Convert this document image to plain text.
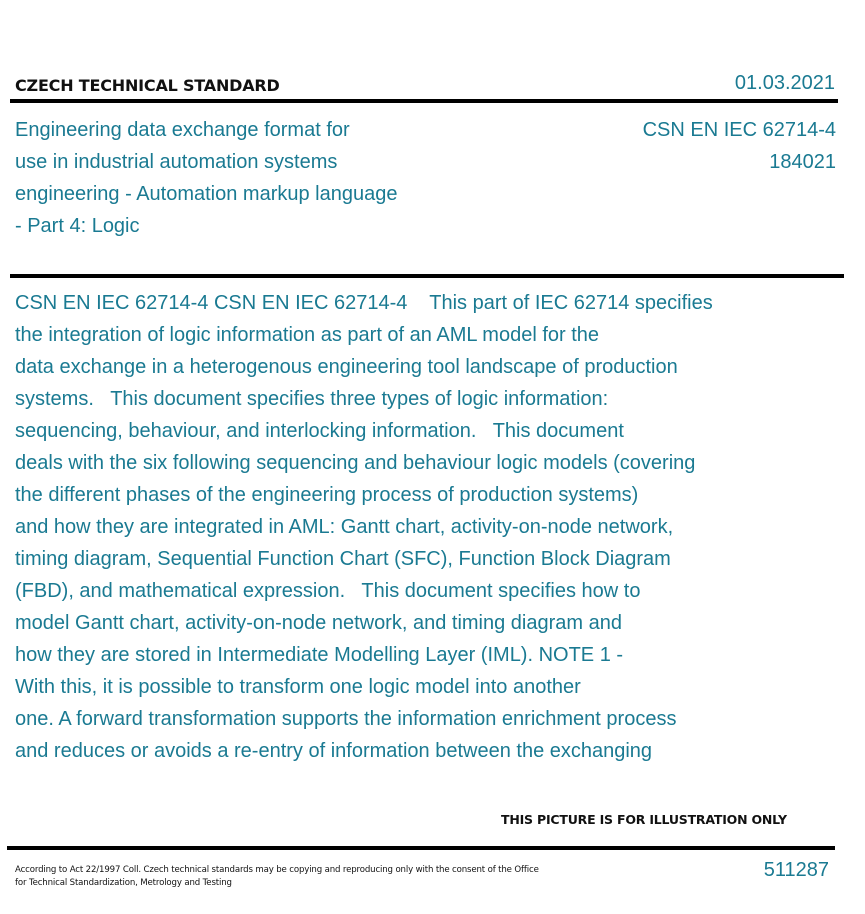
CZECH TECHNICAL STANDARD	01.03.2021
Engineering data exchange format for
use in industrial automation systems
engineering - Automation markup language
- Part 4: Logic
CSN EN IEC 62714-4
184021
CSN EN IEC 62714-4 CSN EN IEC 62714-4    This part of IEC 62714 specifies
the integration of logic information as part of an AML model for the
data exchange in a heterogenous engineering tool landscape of production
systems.   This document specifies three types of logic information:
sequencing, behaviour, and interlocking information.   This document
deals with the six following sequencing and behaviour logic models (covering
the different phases of the engineering process of production systems)
and how they are integrated in AML: Gantt chart, activity-on-node network,
timing diagram, Sequential Function Chart (SFC), Function Block Diagram
(FBD), and mathematical expression.   This document specifies how to
model Gantt chart, activity-on-node network, and timing diagram and
how they are stored in Intermediate Modelling Layer (IML). NOTE 1 -
With this, it is possible to transform one logic model into another
one. A forward transformation supports the information enrichment process
and reduces or avoids a re-entry of information between the exchanging
THIS PICTURE IS FOR ILLUSTRATION ONLY
According to Act 22/1997 Coll. Czech technical standards may be copying and reproducing only with the consent of the Office
for Technical Standardization, Metrology and Testing
511287
